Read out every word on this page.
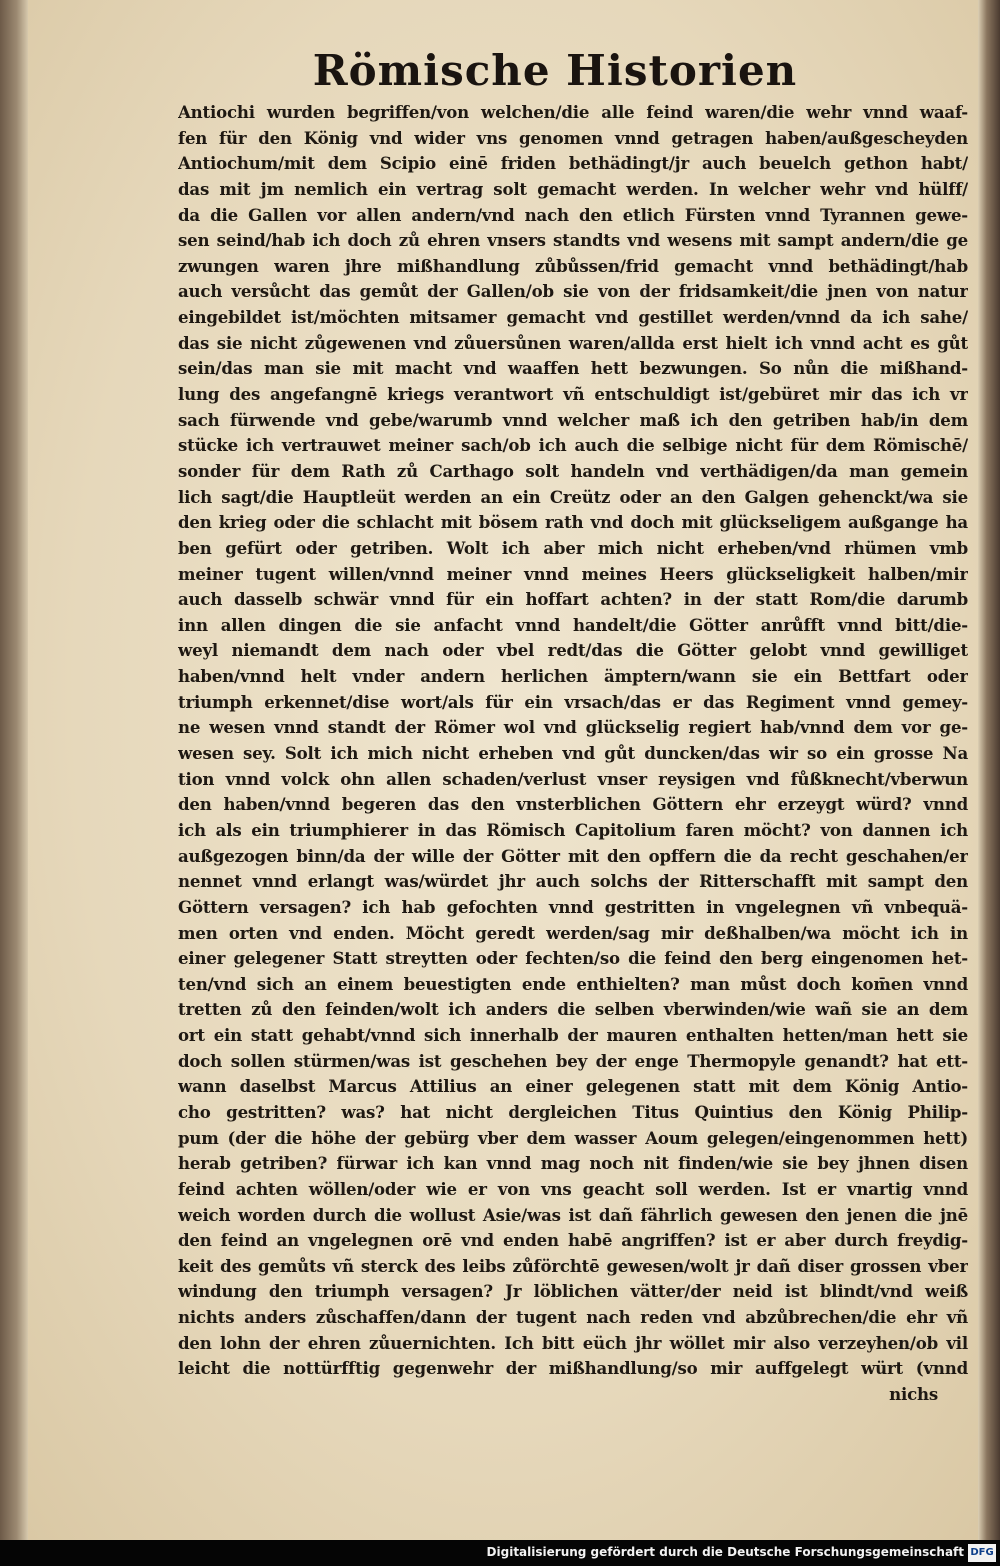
Römische Historien
Antiochi wurden begriffen/von welchen/die alle feind waren/die wehr vnnd waaf-
fen für den König vnd wider vns genomen vnnd getragen haben/außgescheyden
Antiochum/mit dem Scipio einē friden bethädingt/jr auch beuelch gethon habt/
das mit jm nemlich ein vertrag solt gemacht werden. In welcher wehr vnd hülff/
da die Gallen vor allen andern/vnd nach den etlich Fürsten vnnd Tyrannen gewe-
sen seind/hab ich doch zů ehren vnsers standts vnd wesens mit sampt andern/die ge
zwungen waren jhre mißhandlung zůbůssen/frid gemacht vnnd bethädingt/hab
auch versůcht das gemůt der Gallen/ob sie von der fridsamkeit/die jnen von natur
eingebildet ist/möchten mitsamer gemacht vnd gestillet werden/vnnd da ich sahe/
das sie nicht zůgewenen vnd zůuersůnen waren/allda erst hielt ich vnnd acht es gůt
sein/das man sie mit macht vnd waaffen hett bezwungen. So nůn die mißhand-
lung des angefangnē kriegs verantwort vñ entschuldigt ist/gebüret mir das ich vr
sach fürwende vnd gebe/warumb vnnd welcher maß ich den getriben hab/in dem
stücke ich vertrauwet meiner sach/ob ich auch die selbige nicht für dem Römischē/
sonder für dem Rath zů Carthago solt handeln vnd verthädigen/da man gemein
lich sagt/die Hauptleüt werden an ein Creütz oder an den Galgen gehenckt/wa sie
den krieg oder die schlacht mit bösem rath vnd doch mit glückseligem außgange ha
ben gefürt oder getriben. Wolt ich aber mich nicht erheben/vnd rhümen vmb
meiner tugent willen/vnnd meiner vnnd meines Heers glückseligkeit halben/mir
auch dasselb schwär vnnd für ein hoffart achten? in der statt Rom/die darumb
inn allen dingen die sie anfacht vnnd handelt/die Götter anrůfft vnnd bitt/die-
weyl niemandt dem nach oder vbel redt/das die Götter gelobt vnnd gewilliget
haben/vnnd helt vnder andern herlichen ämptern/wann sie ein Bettfart oder
triumph erkennet/dise wort/als für ein vrsach/das er das Regiment vnnd gemey-
ne wesen vnnd standt der Römer wol vnd glückselig regiert hab/vnnd dem vor ge-
wesen sey. Solt ich mich nicht erheben vnd gůt duncken/das wir so ein grosse Na
tion vnnd volck ohn allen schaden/verlust vnser reysigen vnd fůßknecht/vberwun
den haben/vnnd begeren das den vnsterblichen Göttern ehr erzeygt würd? vnnd
ich als ein triumphierer in das Römisch Capitolium faren möcht? von dannen ich
außgezogen binn/da der wille der Götter mit den opffern die da recht geschahen/er
nennet vnnd erlangt was/würdet jhr auch solchs der Ritterschafft mit sampt den
Göttern versagen? ich hab gefochten vnnd gestritten in vngelegnen vñ vnbequä-
men orten vnd enden. Möcht geredt werden/sag mir deßhalben/wa möcht ich in
einer gelegener Statt streytten oder fechten/so die feind den berg eingenomen het-
ten/vnd sich an einem beuestigten ende enthielten? man můst doch kom̄en vnnd
tretten zů den feinden/wolt ich anders die selben vberwinden/wie wañ sie an dem
ort ein statt gehabt/vnnd sich innerhalb der mauren enthalten hetten/man hett sie
doch sollen stürmen/was ist geschehen bey der enge Thermopyle genandt? hat ett-
wann daselbst Marcus Attilius an einer gelegenen statt mit dem König Antio-
cho gestritten? was? hat nicht dergleichen Titus Quintius den König Philip-
pum (der die höhe der gebürg vber dem wasser Aoum gelegen/eingenommen hett)
herab getriben? fürwar ich kan vnnd mag noch nit finden/wie sie bey jhnen disen
feind achten wöllen/oder wie er von vns geacht soll werden. Ist er vnartig vnnd
weich worden durch die wollust Asie/was ist dañ fährlich gewesen den jenen die jnē
den feind an vngelegnen orē vnd enden habē angriffen? ist er aber durch freydig-
keit des gemůts vñ sterck des leibs zůförchtē gewesen/wolt jr dañ diser grossen vber
windung den triumph versagen? Jr löblichen vätter/der neid ist blindt/vnd weiß
nichts anders zůschaffen/dann der tugent nach reden vnd abzůbrechen/die ehr vñ
den lohn der ehren zůuernichten. Ich bitt eüch jhr wöllet mir also verzeyhen/ob vil
leicht die nottürfftig gegenwehr der mißhandlung/so mir auffgelegt würt (vnnd
nichs
Digitalisierung gefördert durch die Deutsche Forschungsgemeinschaft DFG
